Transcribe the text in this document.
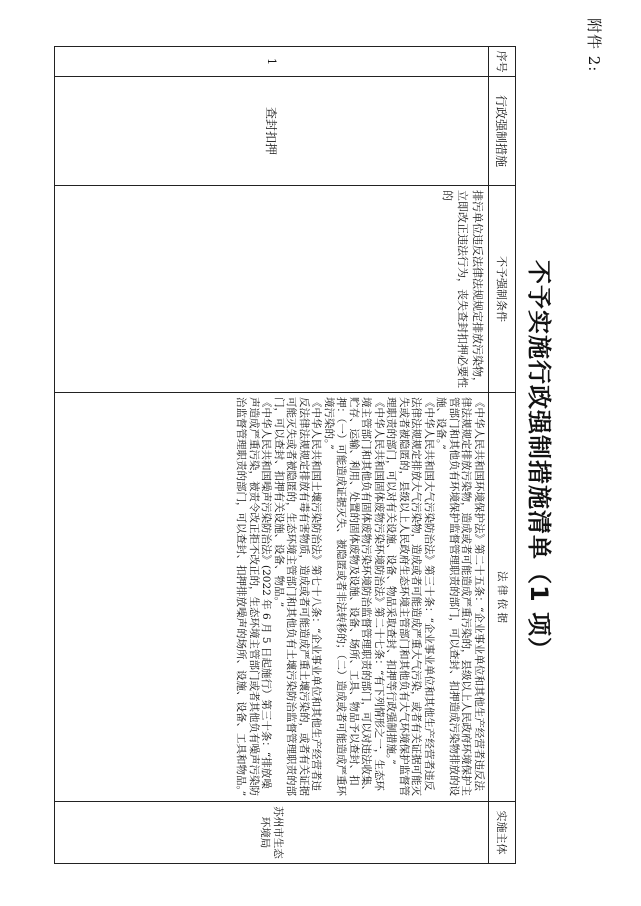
附件 2:
不予实施行政强制措施清单（1 项）
序号	行政强制措施	不予强制条件	法 律 依 据	实施主体
1	查封扣押	排污单位违反法律法规规定排放污染物，立即改正违法行为，丧失查封扣押必要性的	《中华人民共和国环境保护法》第二十五条：“企业事业单位和其他生产经营者违反法律法规规定排放污染物，造成或者可能造成严重污染的，县级以上人民政府环境保护主管部门和其他负有环境保护监督管理职责的部门，可以查封、扣押造成污染物排放的设施、设备。”

《中华人民共和国大气污染防治法》第三十条：“企业事业单位和其他生产经营者违反法律法规规定排放大气污染物，造成或者可能造成严重大气污染，或者有关证据可能灭失或者被隐匿的，县级以上人民政府生态环境主管部门和其他负有大气环境保护监督管理职责的部门，可以对有关设施、设备、物品采取查封、扣押等行政强制措施。”

《中华人民共和国固体废物污染环境防治法》第二十七条：“有下列情形之一，生态环境主管部门和其他负有固体废物污染环境防治监督管理职责的部门，可以对违法收集、贮存、运输、利用、处置的固体废物及设施、设备、场所、工具、物品予以查封、扣押：（一）可能造成证据灭失、被隐匿或者非法转移的；（二）造成或者可能造成严重环境污染的。”

《中华人民共和国土壤污染防治法》第七十八条：“企业事业单位和其他生产经营者违反法律法规规定排放有毒有害物质，造成或者可能造成严重土壤污染的，或者有关证据可能灭失或者被隐匿的，生态环境主管部门和其他负有土壤污染防治监督管理职责的部门，可以查封、扣押有关设施、设备、物品。”

《中华人民共和国噪声污染防治法》(2022 年 6 月 5 日起施行）第三十条：“排放噪声造成严重污染，被责令改正拒不改正的，生态环境主管部门或者其他负有噪声污染防治监督管理职责的部门，可以查封、扣押排放噪声的场所、设施、设备、工具和物品。”	苏州市生态环境局
